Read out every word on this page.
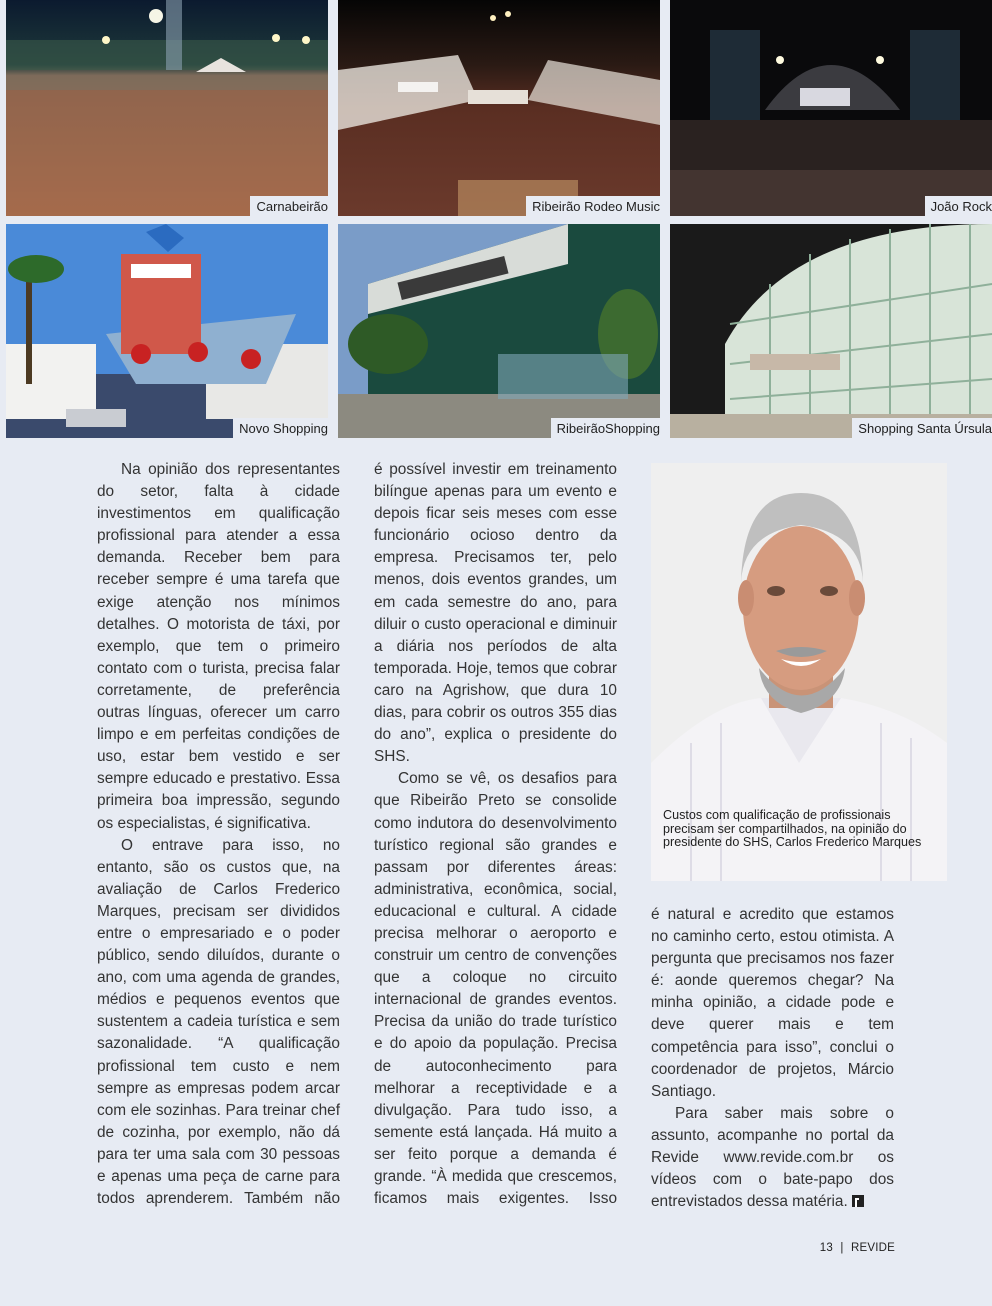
Carnabeirão	Ribeirão Rodeo Music	João Rock
Novo Shopping	RibeirãoShopping	Shopping Santa Úrsula

Na opinião dos representantes do setor, falta à cidade investimentos em qualificação profissional para atender a essa demanda. Receber bem para receber sempre é uma tarefa que exige atenção nos mínimos detalhes. O motorista de táxi, por exemplo, que tem o primeiro contato com o turista, precisa falar corretamente, de preferência outras línguas, oferecer um carro limpo e em perfeitas condições de uso, estar bem vestido e ser sempre educado e prestativo. Essa primeira boa impressão, segundo os especialistas, é significativa.

O entrave para isso, no entanto, são os custos que, na avaliação de Carlos Frederico Marques, precisam ser divididos entre o empresariado e o poder público, sendo diluídos, durante o ano, com uma agenda de grandes, médios e pequenos eventos que sustentem a cadeia turística e sem sazonalidade. “A qualificação profissional tem custo e nem sempre as empresas podem arcar com ele sozinhas. Para treinar chef de cozinha, por exemplo, não dá para ter uma sala com 30 pessoas e apenas uma peça de carne para todos aprenderem. Também não

é possível investir em treinamento bilíngue apenas para um evento e depois ficar seis meses com esse funcionário ocioso dentro da empresa. Precisamos ter, pelo menos, dois eventos grandes, um em cada semestre do ano, para diluir o custo operacional e diminuir a diária nos períodos de alta temporada. Hoje, temos que cobrar caro na Agrishow, que dura 10 dias, para cobrir os outros 355 dias do ano”, explica o presidente do SHS.

Como se vê, os desafios para que Ribeirão Preto se consolide como indutora do desenvolvimento turístico regional são grandes e passam por diferentes áreas: administrativa, econômica, social, educacional e cultural. A cidade precisa melhorar o aeroporto e construir um centro de convenções que a coloque no circuito internacional de grandes eventos. Precisa da união do trade turístico e do apoio da população. Precisa de autoconhecimento para melhorar a receptividade e a divulgação. Para tudo isso, a semente está lançada. Há muito a ser feito porque a demanda é grande. “À medida que crescemos, ficamos mais exigentes. Isso

Custos com qualificação de profissionais precisam ser compartilhados, na opinião do presidente do SHS, Carlos Frederico Marques

é natural e acredito que estamos no caminho certo, estou otimista. A pergunta que precisamos nos fazer é: aonde queremos chegar? Na minha opinião, a cidade pode e deve querer mais e tem competência para isso”, conclui o coordenador de projetos, Márcio Santiago.

Para saber mais sobre o assunto, acompanhe no portal da Revide www.revide.com.br os vídeos com o bate-papo dos entrevistados dessa matéria.

13 | REVIDE
